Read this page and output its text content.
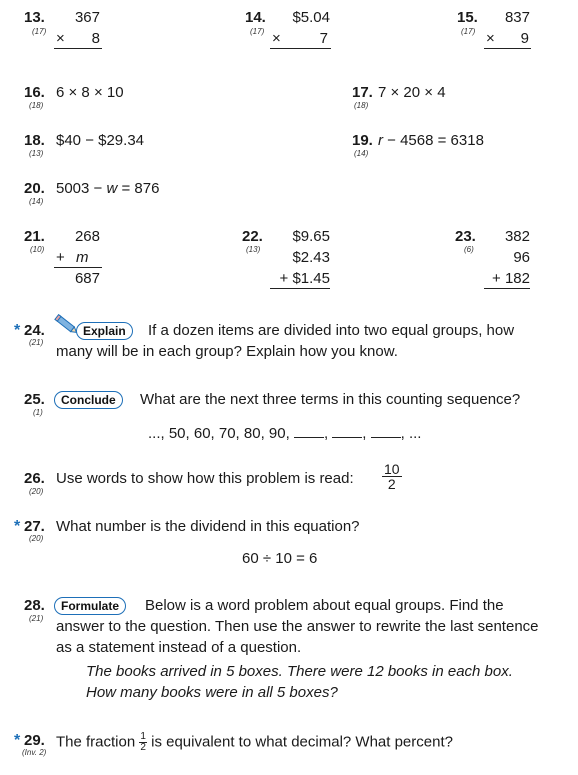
13.
(17)
367
×	8
14.
(17)
$5.04
×	7
15.
(17)
837
×	9
16.
(18)
6 × 8 × 10	17.
(18)
7 × 20 × 4
18.
(13)
$40 − $29.34	19.
(14)
r − 4568 = 6318
20.
(14)
5003 − w = 876
21.
(10)
268
+ m
687
22.
(13)
$9.65
$2.43
+ $1.45
23.
(6)
382
96
+ 182
* 24.
(21)
Explain	If a dozen items are divided into two equal groups, how
many will be in each group? Explain how you know.
25.
(1)
Conclude	What are the next three terms in this counting sequence?
..., 50, 60, 70, 80, 90, , , , ...
26.
(20)
Use words to show how this problem is read: $\frac{10}{2}$
* 27.
(20)
What number is the dividend in this equation?
60 ÷ 10 = 6
28.
(21)
Formulate	Below is a word problem about equal groups. Find the
answer to the question. Then use the answer to rewrite the last sentence
as a statement instead of a question.
The books arrived in 5 boxes. There were 12 books in each box.
How many books were in all 5 boxes?
* 29.
(Inv. 2)
The fraction $\frac{1}{2}$ is equivalent to what decimal? What percent?
